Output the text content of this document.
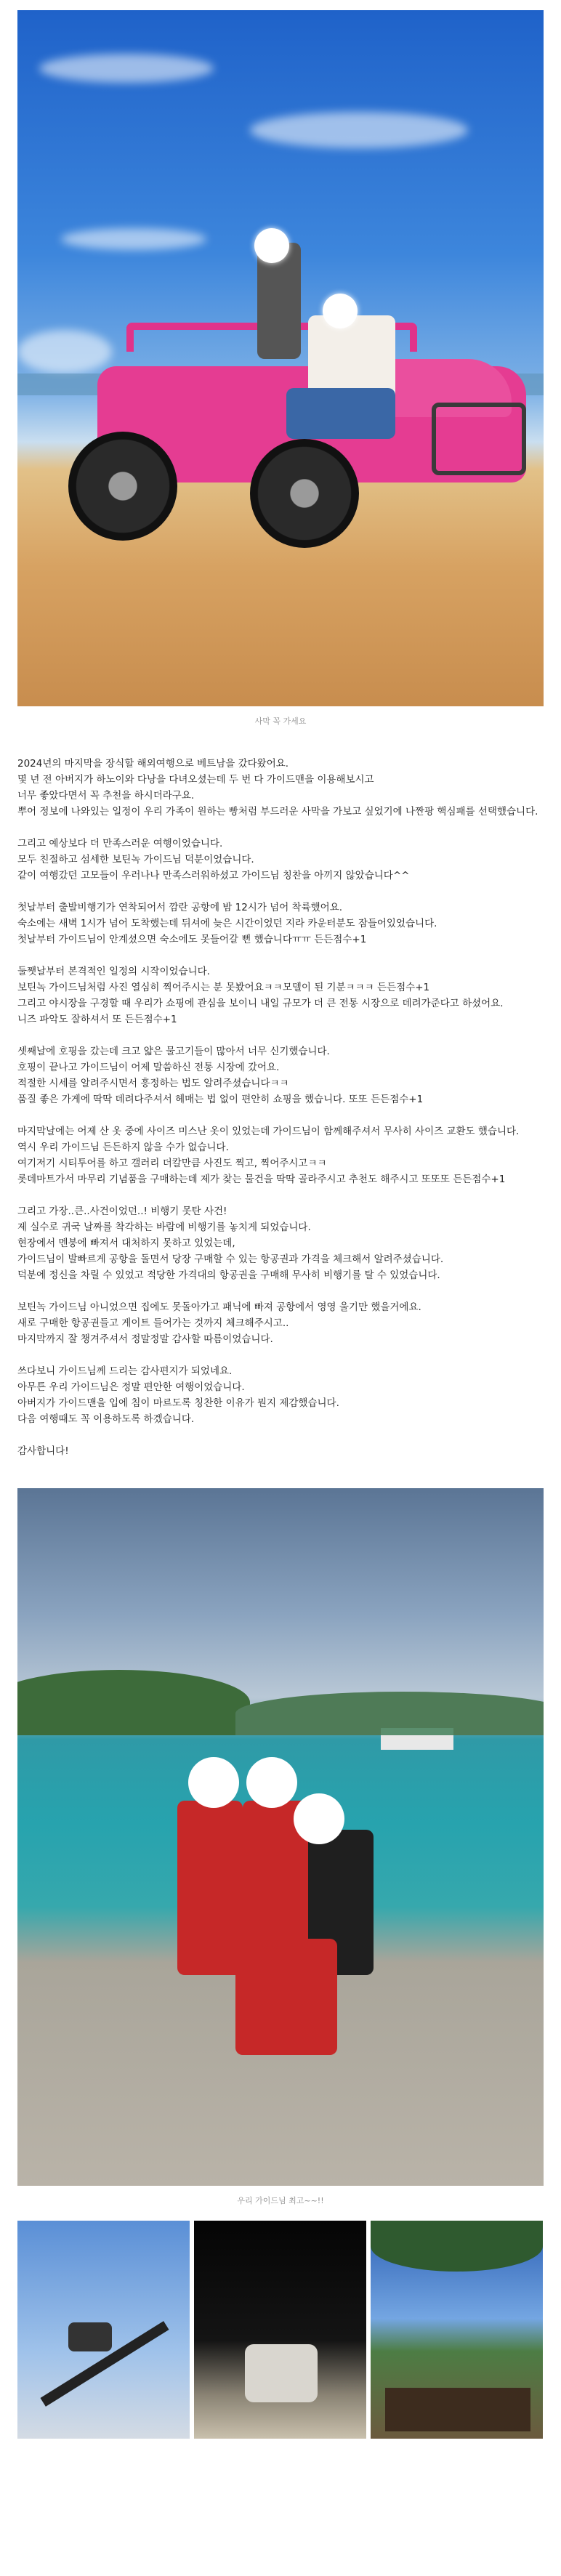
사막 꼭 가세요

2024년의 마지막을 장식할 해외여행으로 베트남을 갔다왔어요.

몇 년 전 아버지가 하노이와 다낭을 다녀오셨는데 두 번 다 가이드맨을 이용해보시고

너무 좋았다면서 꼭 추천을 하시더라구요.

뿌어 정보에 나와있는 일정이 우리 가족이 원하는 빵처럼 부드러운 사막을 가보고 싶었기에 나짠팡 핵심패를 선택했습니다.

그리고 예상보다 더 만족스러운 여행이었습니다.

모두 친절하고 섬세한 보틴녹 가이드님 덕분이었습니다.

같이 여행갔던 고모들이 우러나나 만족스러워하셨고 가이드님 칭찬을 아끼지 않았습니다^^

첫날부터 출발비행기가 연착되어서 깜란 공항에 밤 12시가 넘어 착륙했어요.

숙소에는 새벽 1시가 넘어 도착했는데 뒤셔에 늦은 시간이었던 지라 카운터분도 잠들어있었습니다.

첫날부터 가이드님이 안계셨으면 숙소에도 못들어갈 뻔 했습니다ㅠㅠ 든든점수+1

둘쨋날부터 본격적인 일정의 시작이었습니다.

보틴녹 가이드님처럼 사진 열심히 찍어주시는 분 못봤어요ㅋㅋ모델이 된 기분ㅋㅋㅋ 든든점수+1

그리고 야시장을 구경할 때 우리가 쇼핑에 관심을 보이니 내일 규모가 더 큰 전통 시장으로 데려가준다고 하셨어요.

니즈 파악도 잘하셔서 또 든든점수+1

셋째날에 호핑을 갔는데 크고 얇은 물고기들이 많아서 너무 신기했습니다.

호핑이 끝나고 가이드님이 어제 말씀하신 전통 시장에 갔어요.

적절한 시세를 알려주시면서 흥정하는 법도 알려주셨습니다ㅋㅋ

품질 좋은 가게에 딱딱 데려다주셔서 헤매는 법 없이 편안히 쇼핑을 했습니다. 또또 든든점수+1

마지막날에는 어제 산 옷 중에 사이즈 미스난 옷이 있었는데 가이드님이 함께해주셔서 무사히 사이즈 교환도 했습니다.

역시 우리 가이드님 든든하지 않을 수가 없습니다.

여기저기 시티투어를 하고 갤러리 더칼만큼 사진도 찍고, 찍어주시고ㅋㅋ

롯데마트가서 마무리 기념품을 구매하는데 제가 찾는 물건을 딱딱 골라주시고 추천도 해주시고 또또또 든든점수+1

그리고 가장..큰..사건이었던..! 비행기 못탄 사건!

제 실수로 귀국 날짜를 착각하는 바람에 비행기를 놓치게 되었습니다.

현장에서 멘붕에 빠져서 대처하지 못하고 있었는데,

가이드님이 발빠르게 공항을 돌면서 당장 구매할 수 있는 항공권과 가격을 체크해서 알려주셨습니다.

덕분에 정신을 차릴 수 있었고 적당한 가격대의 항공권을 구매해 무사히 비행기를 탈 수 있었습니다.

보틴녹 가이드님 아니었으면 집에도 못돌아가고 패닉에 빠져 공항에서 영영 울기만 했을거에요.

새로 구매한 항공권들고 게이트 들어가는 것까지 체크해주시고..

마지막까지 잘 챙겨주셔서 정말정말 감사할 따름이었습니다.

쓰다보니 가이드님께 드리는 감사편지가 되었네요.

아무튼 우리 가이드님은 정말 편안한 여행이었습니다.

아버지가 가이드맨을 입에 침이 마르도록 칭찬한 이유가 뭔지 제감했습니다.

다음 여행때도 꼭 이용하도록 하겠습니다.

감사합니다!

우리 가이드님 최고~~!!
